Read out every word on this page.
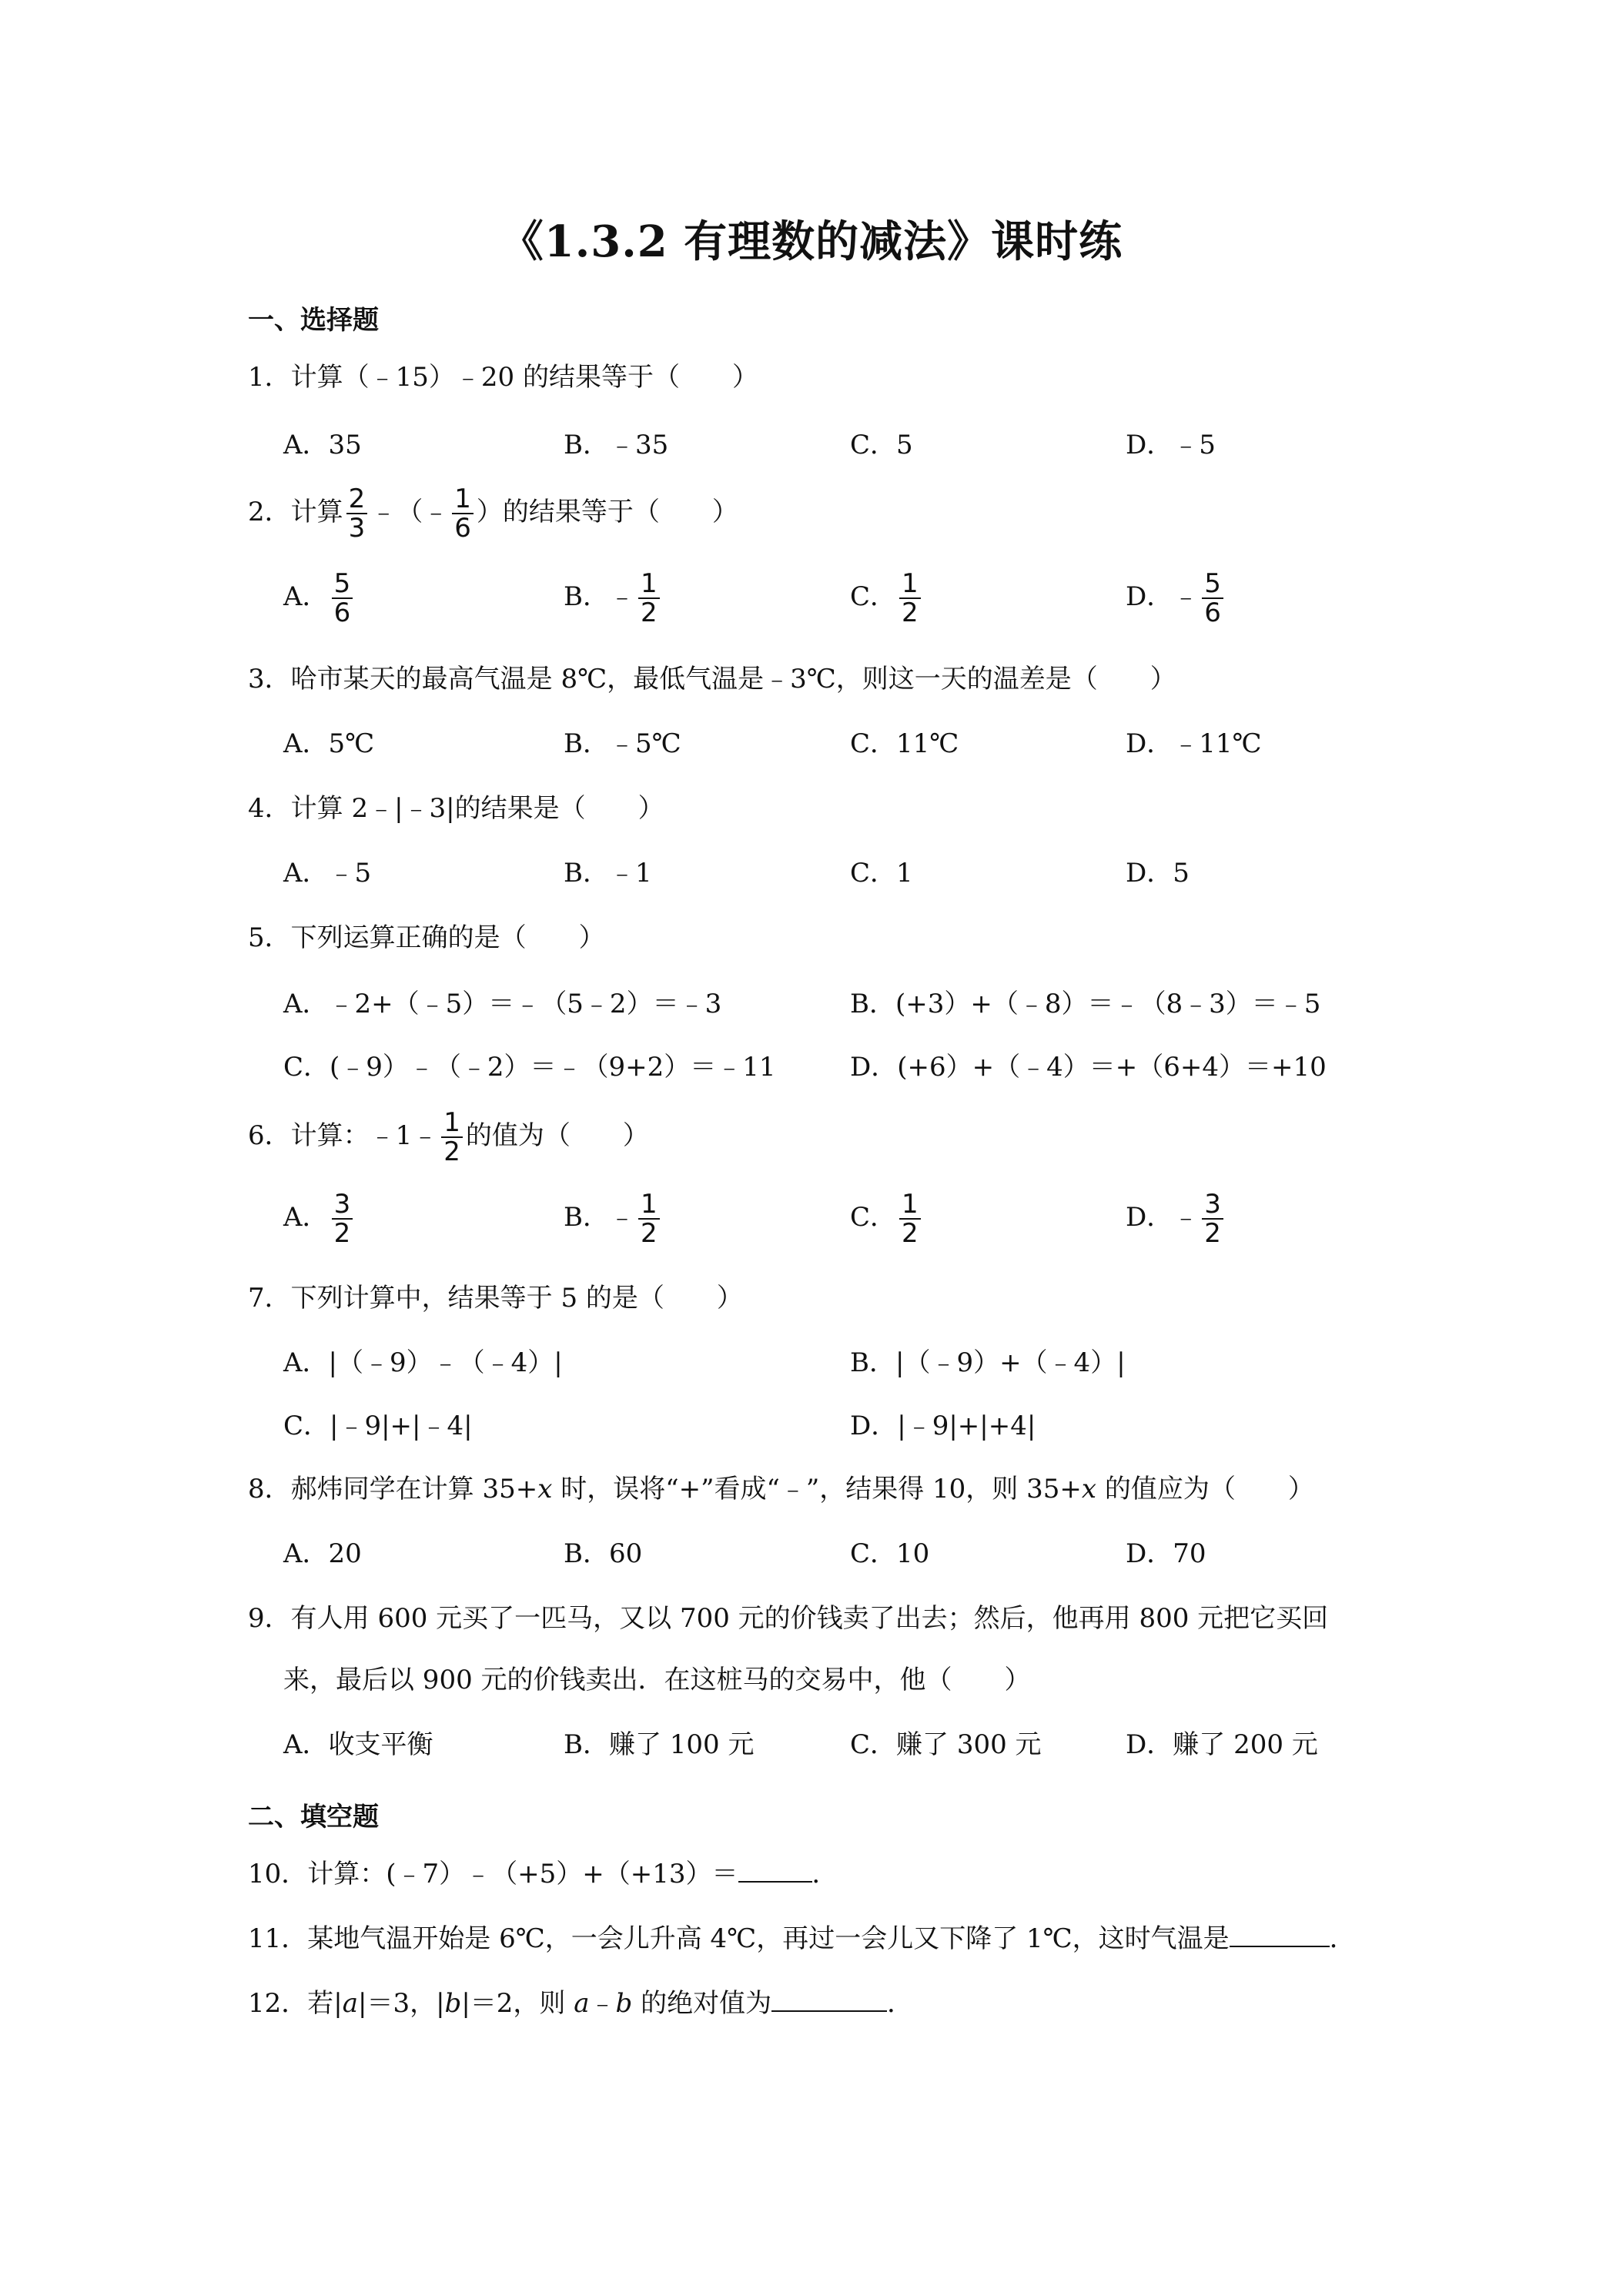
《1.3.2 有理数的减法》课时练
一、选择题
1．计算（﹣15）﹣20 的结果等于（　　）
A．35	B．﹣35	C．5	D．﹣5
2．计算 $\frac{2}{3}$ ﹣（﹣ $\frac{1}{6}$ ）的结果等于（　　）
A． $\frac{5}{6}$	B．﹣ $\frac{1}{2}$	C． $\frac{1}{2}$	D．﹣ $\frac{5}{6}$
3．哈市某天的最高气温是 8℃，最低气温是﹣3℃，则这一天的温差是（　　）
A．5℃	B．﹣5℃	C．11℃	D．﹣11℃
4．计算 2﹣|﹣3|的结果是（　　）
A．﹣5	B．﹣1	C．1	D．5
5．下列运算正确的是（　　）
A．﹣2+（﹣5）＝﹣（5﹣2）＝﹣3	B．(+3）+（﹣8）＝﹣（8﹣3）＝﹣5
C．(﹣9）﹣（﹣2）＝﹣（9+2）＝﹣11	D．(+6）+（﹣4）＝+（6+4）＝+10
6．计算：﹣1﹣ $\frac{1}{2}$ 的值为（　　）
A． $\frac{3}{2}$	B．﹣ $\frac{1}{2}$	C． $\frac{1}{2}$	D．﹣ $\frac{3}{2}$
7．下列计算中，结果等于 5 的是（　　）
A．|（﹣9）﹣（﹣4）|	B．|（﹣9）+（﹣4）|
C．|﹣9|+|﹣4|	D．|﹣9|+|+4|
8．郝炜同学在计算 35+x 时，误将“+”看成“﹣”，结果得 10，则 35+x 的值应为（　　）
A．20	B．60	C．10	D．70
9．有人用 600 元买了一匹马，又以 700 元的价钱卖了出去；然后，他再用 800 元把它买回
来，最后以 900 元的价钱卖出．在这桩马的交易中，他（　　）
A．收支平衡	B．赚了 100 元	C．赚了 300 元	D．赚了 200 元
二、填空题
10．计算：(﹣7）﹣（+5）+（+13）＝	．
11．某地气温开始是 6℃，一会儿升高 4℃，再过一会儿又下降了 1℃，这时气温是	．
12．若|a|＝3，|b|＝2，则 a﹣b 的绝对值为	．
